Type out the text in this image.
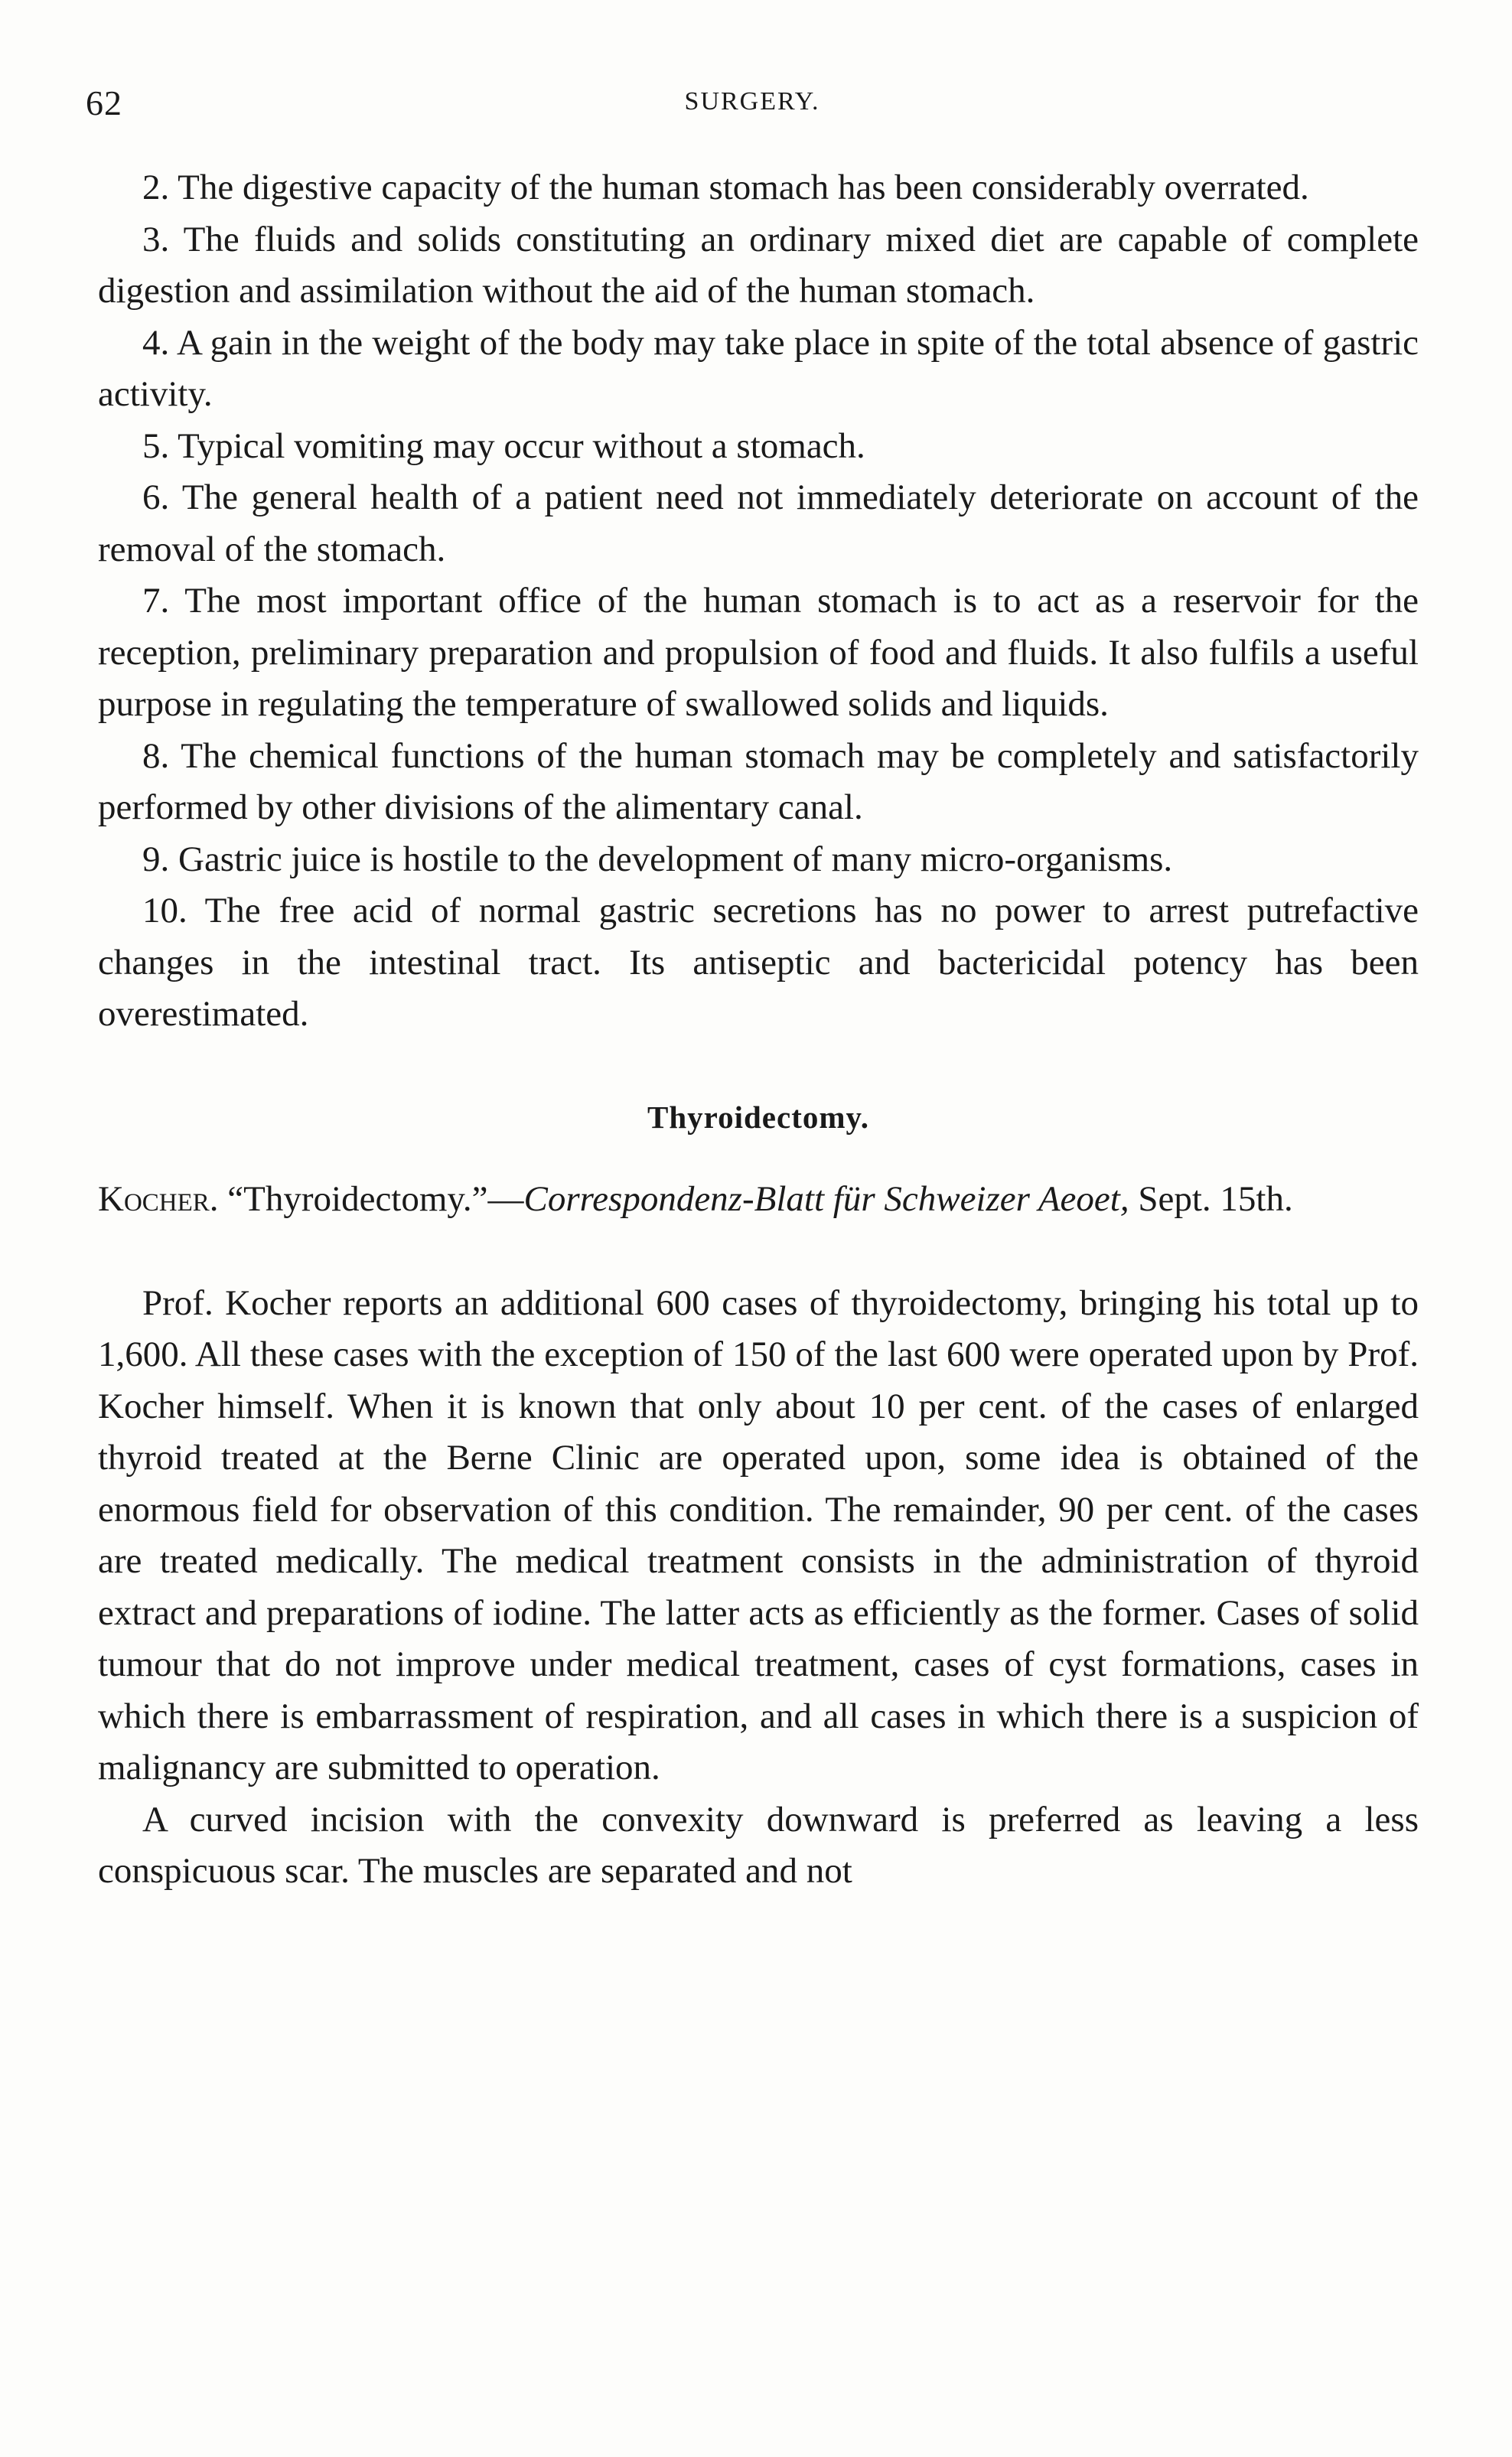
62	SURGERY.

2. The digestive capacity of the human stomach has been considerably overrated.

3. The fluids and solids constituting an ordinary mixed diet are capable of complete digestion and assimilation without the aid of the human stomach.

4. A gain in the weight of the body may take place in spite of the total absence of gastric activity.

5. Typical vomiting may occur without a stomach.

6. The general health of a patient need not immediately deteriorate on account of the removal of the stomach.

7. The most important office of the human stomach is to act as a reservoir for the reception, preliminary preparation and propulsion of food and fluids. It also fulfils a useful purpose in regulating the temperature of swallowed solids and liquids.

8. The chemical functions of the human stomach may be completely and satisfactorily performed by other divisions of the alimentary canal.

9. Gastric juice is hostile to the development of many micro-organisms.

10. The free acid of normal gastric secretions has no power to arrest putrefactive changes in the intestinal tract. Its antiseptic and bactericidal potency has been overestimated.

Thyroidectomy.

Kocher. “Thyroidectomy.”—Correspondenz-Blatt für Schweizer Aeoet, Sept. 15th.

Prof. Kocher reports an additional 600 cases of thyroidectomy, bringing his total up to 1,600. All these cases with the exception of 150 of the last 600 were operated upon by Prof. Kocher himself. When it is known that only about 10 per cent. of the cases of enlarged thyroid treated at the Berne Clinic are operated upon, some idea is obtained of the enormous field for observation of this condition. The remainder, 90 per cent. of the cases are treated medically. The medical treatment consists in the administration of thyroid extract and preparations of iodine. The latter acts as efficiently as the former. Cases of solid tumour that do not improve under medical treatment, cases of cyst formations, cases in which there is embarrassment of respiration, and all cases in which there is a suspicion of malignancy are submitted to operation.

A curved incision with the convexity downward is preferred as leaving a less conspicuous scar. The muscles are separated and not
